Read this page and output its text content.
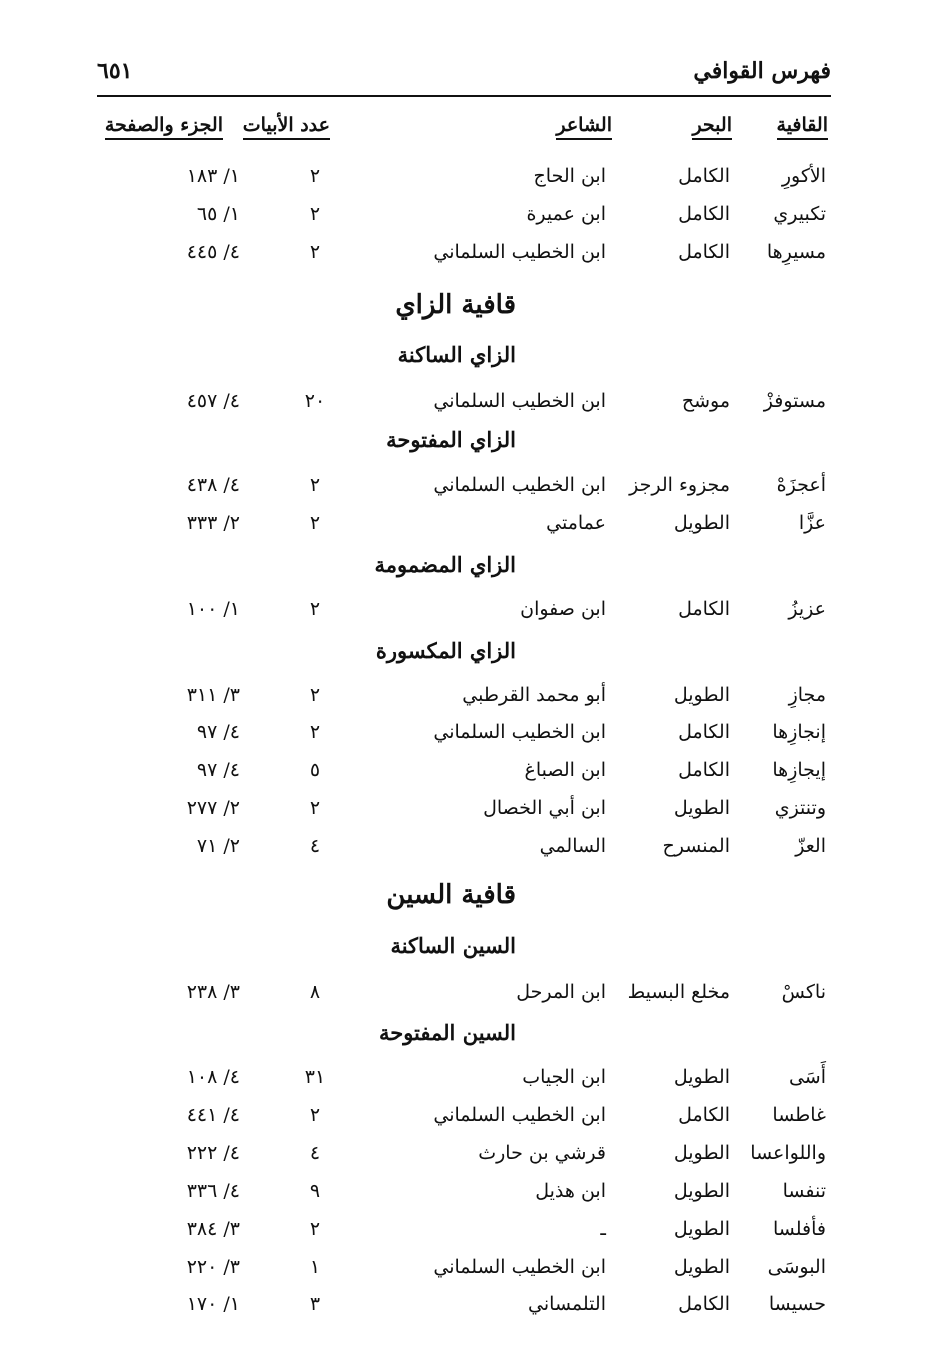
فهرس القوافي
٦٥١
القافية
البحر
الشاعر
عدد الأبيات
الجزء والصفحة
الأكورِ
الكامل
ابن الحاج
٢
١/ ١٨٣
تكبيري
الكامل
ابن عميرة
٢
١/ ٦٥
مسيرِها
الكامل
ابن الخطيب السلماني
٢
٤/ ٤٤٥
قافية الزاي
الزاي الساكنة
مستوفزْ
موشح
ابن الخطيب السلماني
٢٠
٤/ ٤٥٧
الزاي المفتوحة
أعجزَهْ
مجزوء الرجز
ابن الخطيب السلماني
٢
٤/ ٤٣٨
عزَّا
الطويل
عمامتي
٢
٢/ ٣٣٣
الزاي المضمومة
عزيزُ
الكامل
ابن صفوان
٢
١/ ١٠٠
الزاي المكسورة
مجازِ
الطويل
أبو محمد القرطبي
٢
٣/ ٣١١
إنجازِها
الكامل
ابن الخطيب السلماني
٢
٤/ ٩٧
إيجازِها
الكامل
ابن الصباغ
٥
٤/ ٩٧
وتنتزي
الطويل
ابن أبي الخصال
٢
٢/ ٢٧٧
العزّ
المنسرح
السالمي
٤
٢/ ٧١
قافية السين
السين الساكنة
ناكسْ
مخلع البسيط
ابن المرحل
٨
٣/ ٢٣٨
السين المفتوحة
أَسَى
الطويل
ابن الجياب
٣١
٤/ ١٠٨
غاطسا
الكامل
ابن الخطيب السلماني
٢
٤/ ٤٤١
واللواعسا
الطويل
قرشي بن حارث
٤
٤/ ٢٢٢
تنفسا
الطويل
ابن هذيل
٩
٤/ ٣٣٦
فأفلسا
الطويل
ـ
٢
٣/ ٣٨٤
البوسَى
الطويل
ابن الخطيب السلماني
١
٣/ ٢٢٠
حسيسا
الكامل
التلمساني
٣
١/ ١٧٠
